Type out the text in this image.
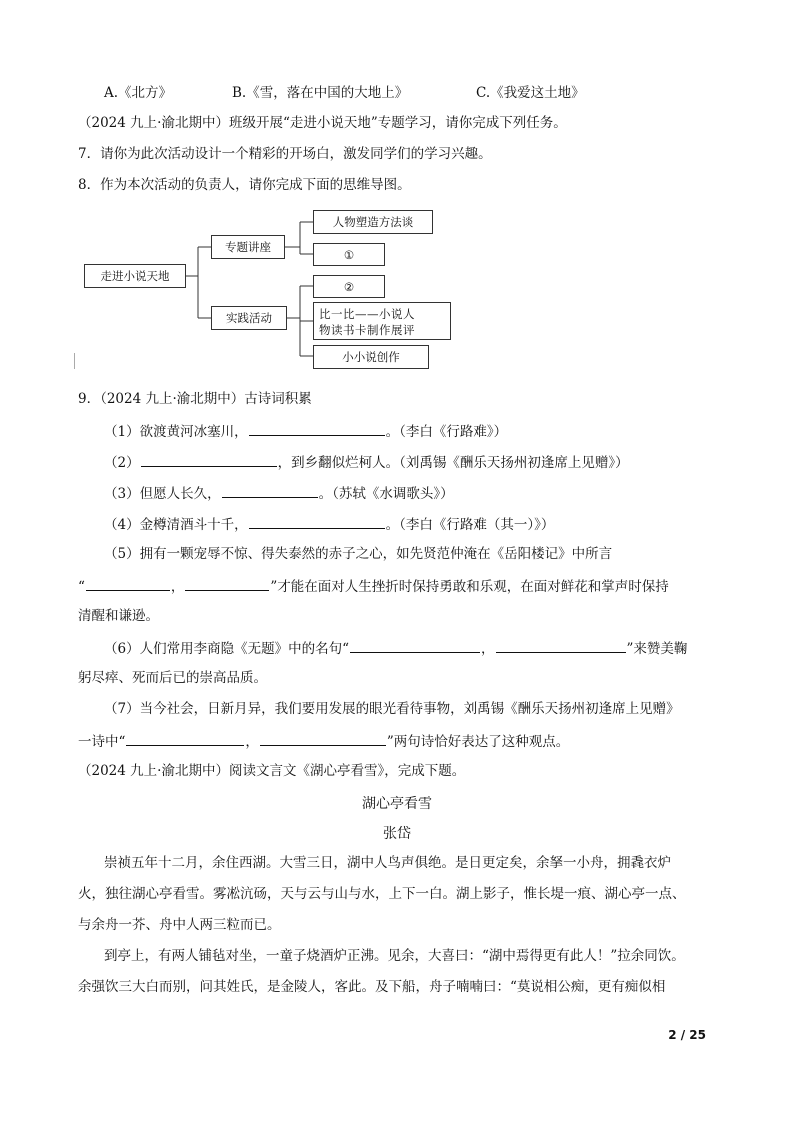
A.《北方》	B.《雪，落在中国的大地上》	C.《我爱这土地》
（2024 九上·渝北期中）班级开展“走进小说天地”专题学习，请你完成下列任务。
7．请你为此次活动设计一个精彩的开场白，激发同学们的学习兴趣。
8．作为本次活动的负责人，请你完成下面的思维导图。
走进小说天地
专题讲座
实践活动
人物塑造方法谈
①
②
比一比——小说人
物读书卡制作展评
小小说创作
9．（2024 九上·渝北期中）古诗词积累
（1）欲渡黄河冰塞川，	。（李白《行路难》）
（2）	，到乡翻似烂柯人。（刘禹锡《酬乐天扬州初逢席上见赠》）
（3）但愿人长久，	。（苏轼《水调歌头》）
（4）金樽清酒斗十千，	。（李白《行路难（其一）》）
（5）拥有一颗宠辱不惊、得失泰然的赤子之心，如先贤范仲淹在《岳阳楼记》中所言
“	，	”才能在面对人生挫折时保持勇敢和乐观，在面对鲜花和掌声时保持
清醒和谦逊。
（6）人们常用李商隐《无题》中的名句“	，	”来赞美鞠
躬尽瘁、死而后已的崇高品质。
（7）当今社会，日新月异，我们要用发展的眼光看待事物，刘禹锡《酬乐天扬州初逢席上见赠》
一诗中“	，	”两句诗恰好表达了这种观点。
（2024 九上·渝北期中）阅读文言文《湖心亭看雪》，完成下题。
湖心亭看雪
张岱
崇祯五年十二月，余住西湖。大雪三日，湖中人鸟声俱绝。是日更定矣，余拏一小舟，拥毳衣炉
火，独往湖心亭看雪。雾凇沆砀，天与云与山与水，上下一白。湖上影子，惟长堤一痕、湖心亭一点、
与余舟一芥、舟中人两三粒而已。
到亭上，有两人铺毡对坐，一童子烧酒炉正沸。见余，大喜曰：“湖中焉得更有此人！”拉余同饮。
余强饮三大白而别，问其姓氏，是金陵人，客此。及下船，舟子喃喃曰：“莫说相公痴，更有痴似相
2 / 25
